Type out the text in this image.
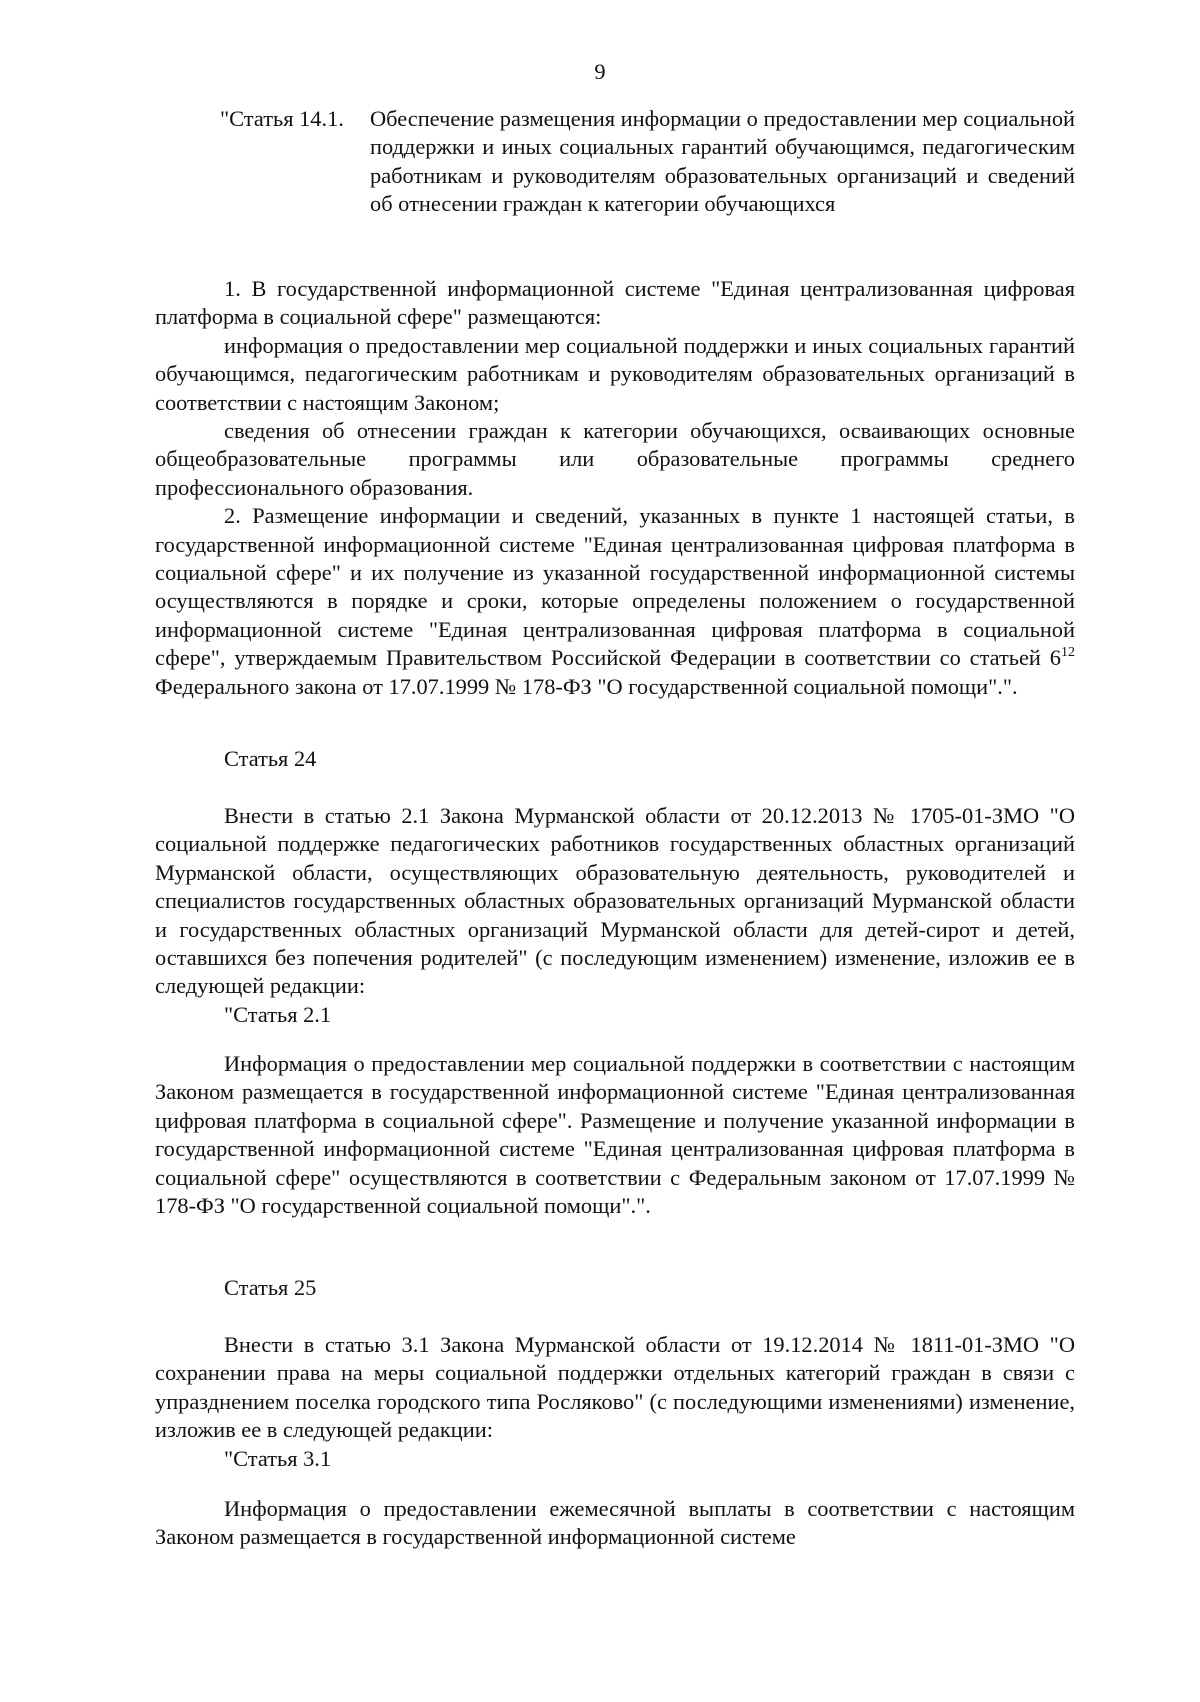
9
"Статья 14.1. Обеспечение размещения информации о предоставлении мер социальной поддержки и иных социальных гарантий обучающимся, педагогическим работникам и руководителям образовательных организаций и сведений об отнесении граждан к категории обучающихся

1. В государственной информационной системе "Единая централизованная цифровая платформа в социальной сфере" размещаются:

информация о предоставлении мер социальной поддержки и иных социальных гарантий обучающимся, педагогическим работникам и руководителям образовательных организаций в соответствии с настоящим Законом;

сведения об отнесении граждан к категории обучающихся, осваивающих основные общеобразовательные программы или образовательные программы среднего профессионального образования.

2. Размещение информации и сведений, указанных в пункте 1 настоящей статьи, в государственной информационной системе "Единая централизованная цифровая платформа в социальной сфере" и их получение из указанной государственной информационной системы осуществляются в порядке и сроки, которые определены положением о государственной информационной системе "Единая централизованная цифровая платформа в социальной сфере", утверждаемым Правительством Российской Федерации в соответствии со статьей $6^{12}$ Федерального закона от 17.07.1999 № 178-ФЗ "О государственной социальной помощи".".

Статья 24

Внести в статью 2.1 Закона Мурманской области от 20.12.2013 № 1705-01-ЗМО "О социальной поддержке педагогических работников государственных областных организаций Мурманской области, осуществляющих образовательную деятельность, руководителей и специалистов государственных областных образовательных организаций Мурманской области и государственных областных организаций Мурманской области для детей-сирот и детей, оставшихся без попечения родителей" (с последующим изменением) изменение, изложив ее в следующей редакции:

"Статья 2.1

Информация о предоставлении мер социальной поддержки в соответствии с настоящим Законом размещается в государственной информационной системе "Единая централизованная цифровая платформа в социальной сфере". Размещение и получение указанной информации в государственной информационной системе "Единая централизованная цифровая платформа в социальной сфере" осуществляются в соответствии с Федеральным законом от 17.07.1999 № 178-ФЗ "О государственной социальной помощи".".

Статья 25

Внести в статью 3.1 Закона Мурманской области от 19.12.2014 № 1811-01-ЗМО "О сохранении права на меры социальной поддержки отдельных категорий граждан в связи с упразднением поселка городского типа Росляково" (с последующими изменениями) изменение, изложив ее в следующей редакции:

"Статья 3.1

Информация о предоставлении ежемесячной выплаты в соответствии с настоящим Законом размещается в государственной информационной системе
